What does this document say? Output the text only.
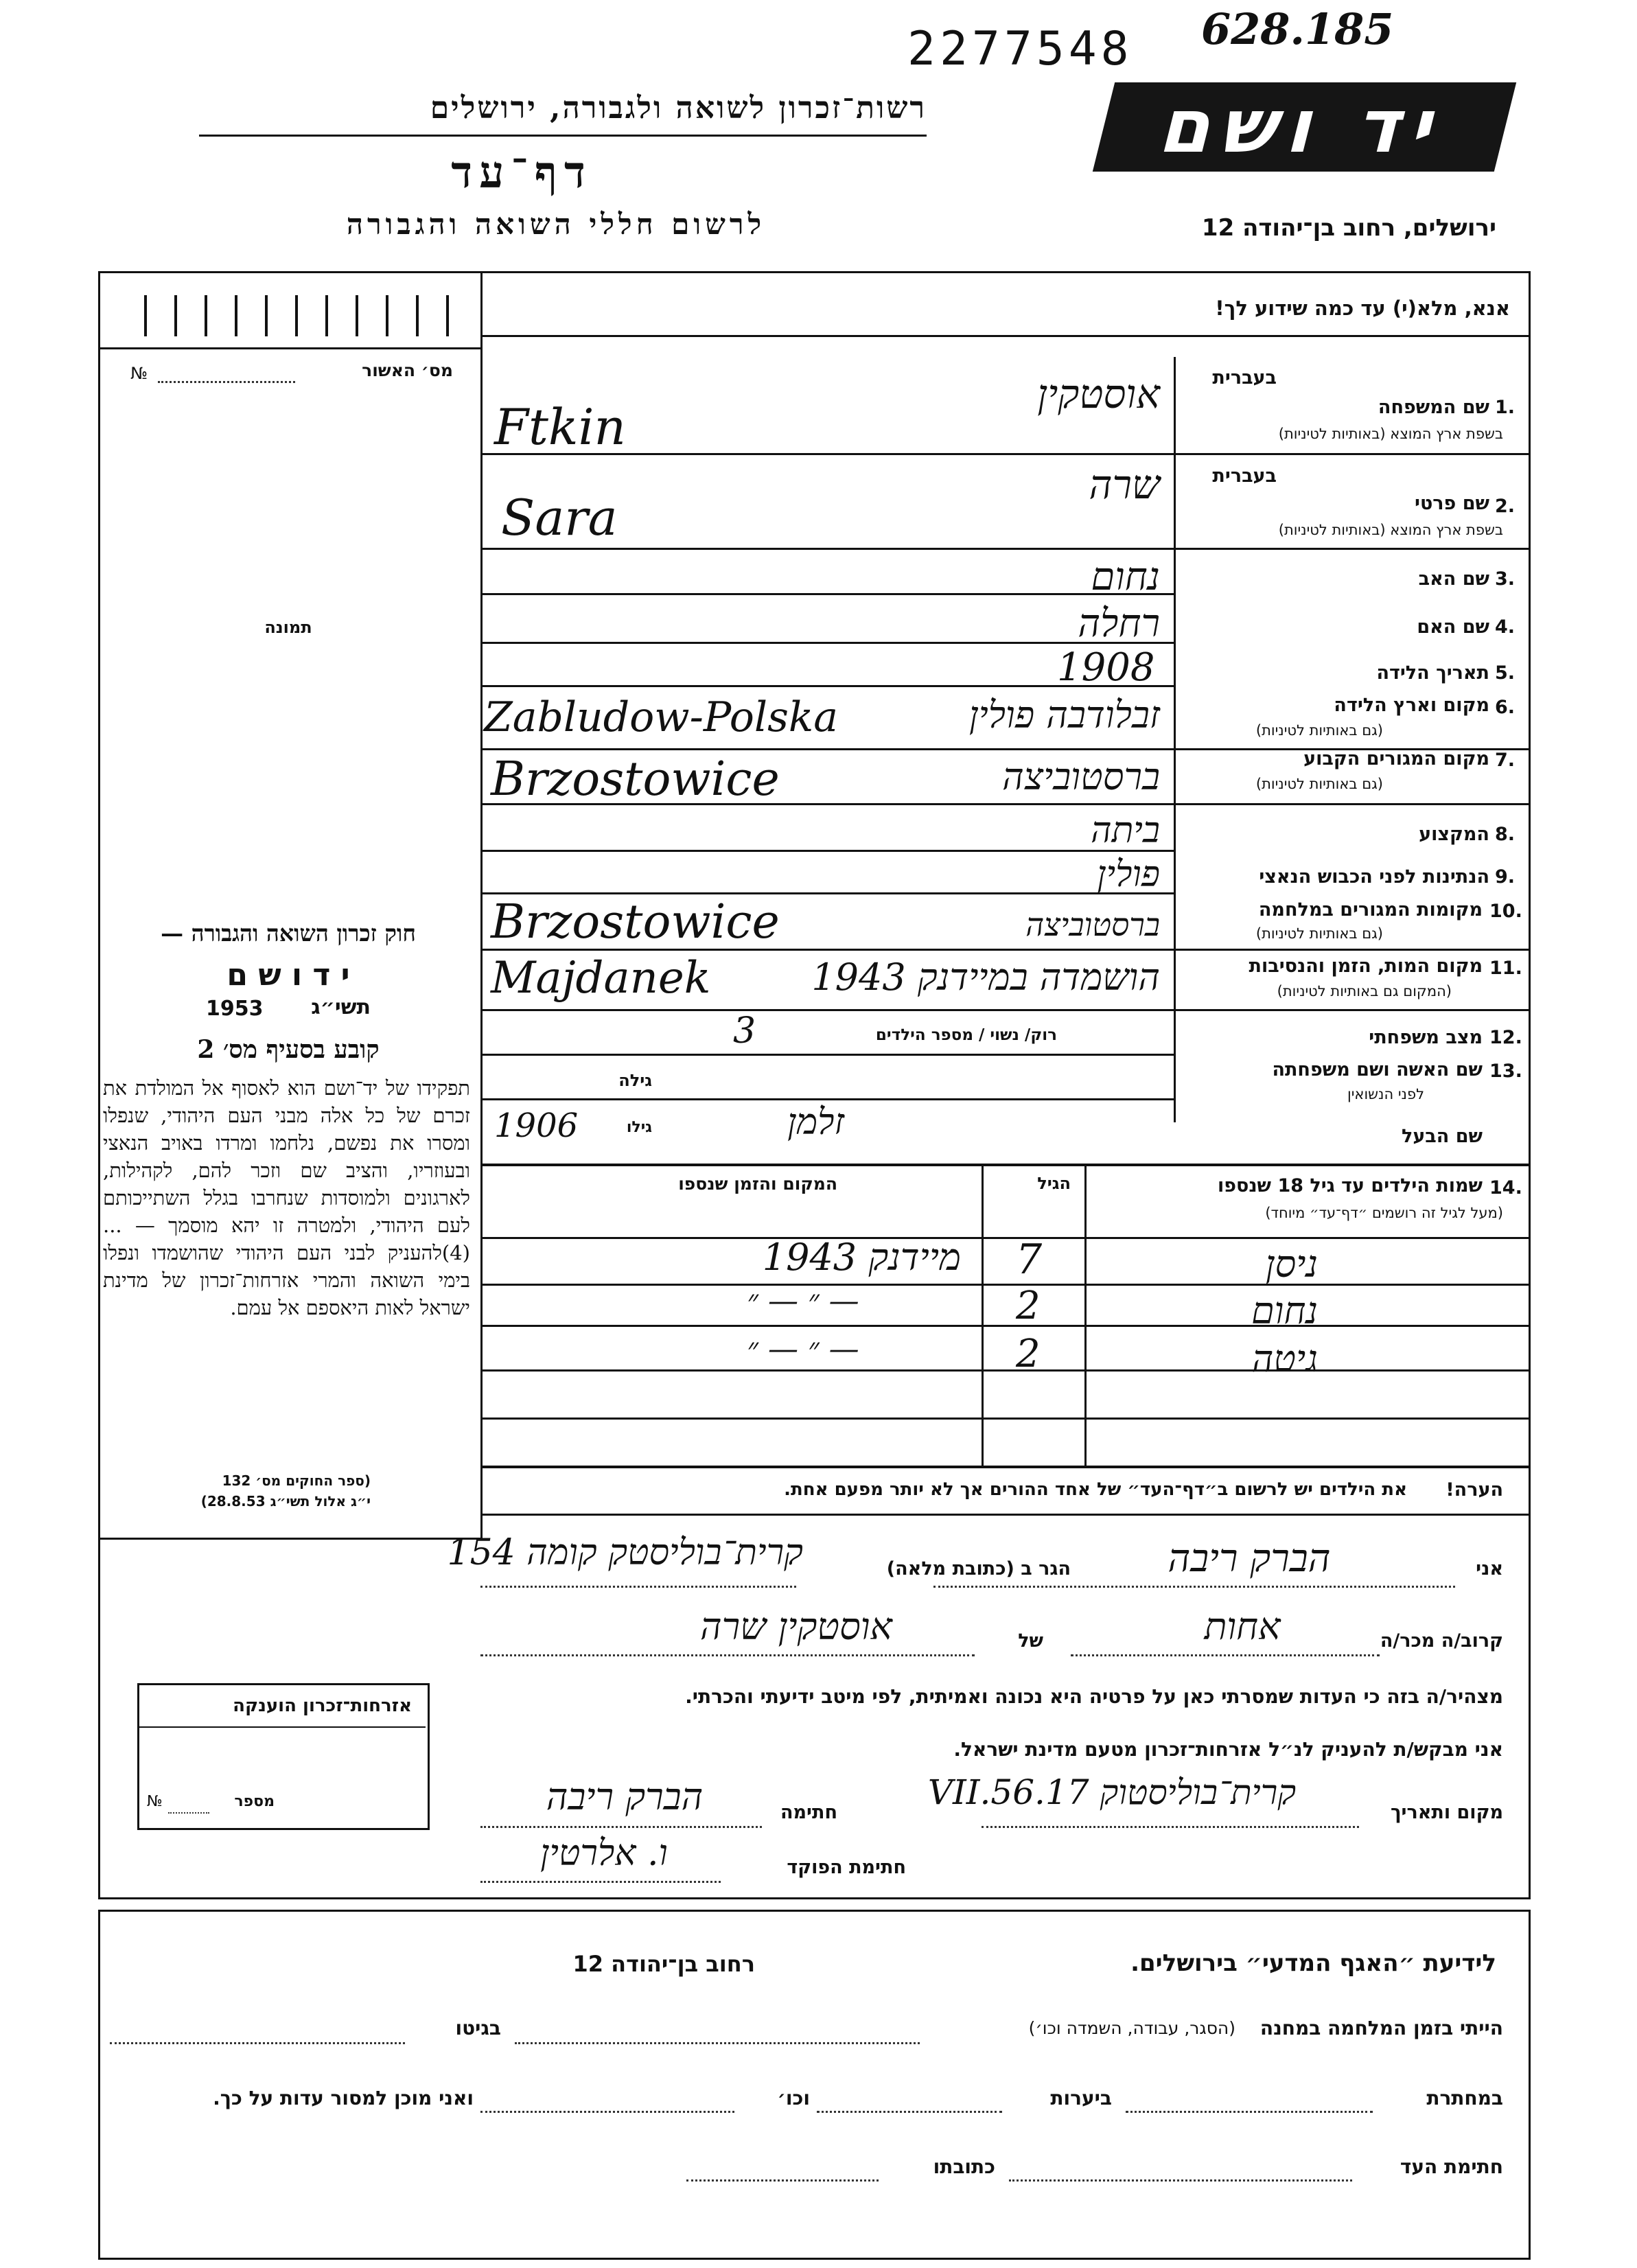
2277548 628.185
רשות־זכרון לשואה ולגבורה, ירושלים
דף־עד
לרשום חללי השואה והגבורה
יד ושם
ירושלים, רחוב בן־יהודה 12
מס׳ האשור
№
תמונה
חוק זכרון השואה והגבורה —
י ד ו ש ם
תשי״ג
1953
קובע בסעיף מס׳ 2
תפקידו של יד־ושם הוא לאסוף אל המולדת את זכרם של כל אלה מבני העם היהודי, שנפלו ומסרו את נפשם, נלחמו ומרדו באויב הנאצי ובעוזריו, והציב שם וזכר להם, לקהילות, לארגונים ולמוסדות שנחרבו בגלל השתייכותם לעם היהודי, ולמטרה זו יהא מוסמך — ...(4)להעניק לבני העם היהודי שהושמדו ונפלו בימי השואה והמרי אזרחות־זכרון של מדינת ישראל לאות היאספם אל עמם.
(ספר החוקים מס׳ 132
י״ג אלול תשי״ג 28.8.53)
אנא, מלא(י) עד כמה שידוע לך!
בעברית
1.
שם המשפחה
בשפת ארץ המוצא (באותיות לטיניות)
אוסטקין
Ftkin
בעברית
2.
שם פרטי
בשפת ארץ המוצא (באותיות לטיניות)
שרה
Sara
3.
שם האב
נחום
4.
שם האם
רחלה
5.
תאריך הלידה
1908
6.
מקום וארץ הלידה
(גם באותיות לטיניות)
זבלודבה פולין
Zabludow-Polska
7.
מקום המגורים הקבוע
(גם באותיות לטיניות)
ברסטוביצה
Brzostowice
8.
המקצוע
ביתה
9.
הנתינות לפני הכבוש הנאצי
פולין
10.
מקומות המגורים במלחמה
(גם באותיות לטיניות)
ברסטוביצה
Brzostowice
11.
מקום המות, הזמן והנסיבות
(המקום גם באותיות לטיניות)
הושמדה במיידנק 1943
Majdanek
12.
מצב משפחתי
רוק/ נשוי / מספר הילדים
3
13.
שם האשה ושם משפחתה
לפני הנשואין
גילה
שם הבעל
זלמן
גילו
1906
14.
שמות הילדים עד גיל 18 שנספו
(מעל לגיל זה רושמים ״דף־עד״ מיוחד)
הגיל
המקום והזמן שנספו
ניסן
7
מיידנק 1943
נחום
2
— ״ — ״
גיטה
2
— ״ — ״
הערה!
את הילדים יש לרשום ב״דף־העד״ של אחד ההורים אך לא יותר מפעם אחת.
אני
הברק ריבה
הגר ב (כתובת מלאה)
קרית־בוליסטק קומה 154
קרוב/ה מכר/ה
אחות
של
אוסטקין שרה
מצהיר/ה בזה כי העדות שמסרתי כאן על פרטיה היא נכונה ואמיתית, לפי מיטב ידיעתי והכרתי.
אני מבקש/ת להעניק לנ״ל אזרחות־זכרון מטעם מדינת ישראל.
מקום ותאריך
קרית־בוליסטוק 17.VII.56
חתימה
הברק ריבה
חתימת הפוקד
ו. אלרטין
אזרחות־זכרון הוענקה
מספר
№
לידיעת ״האגף המדעי״ בירושלים.
רחוב בן־יהודה 12
הייתי בזמן המלחמה במחנה
(הסגר, עבודה, השמדה וכו׳)
בגיטו
במחתרת
ביערות
וכו׳
ואני מוכן למסור עדות על כך.
חתימת העד
כתובתו
